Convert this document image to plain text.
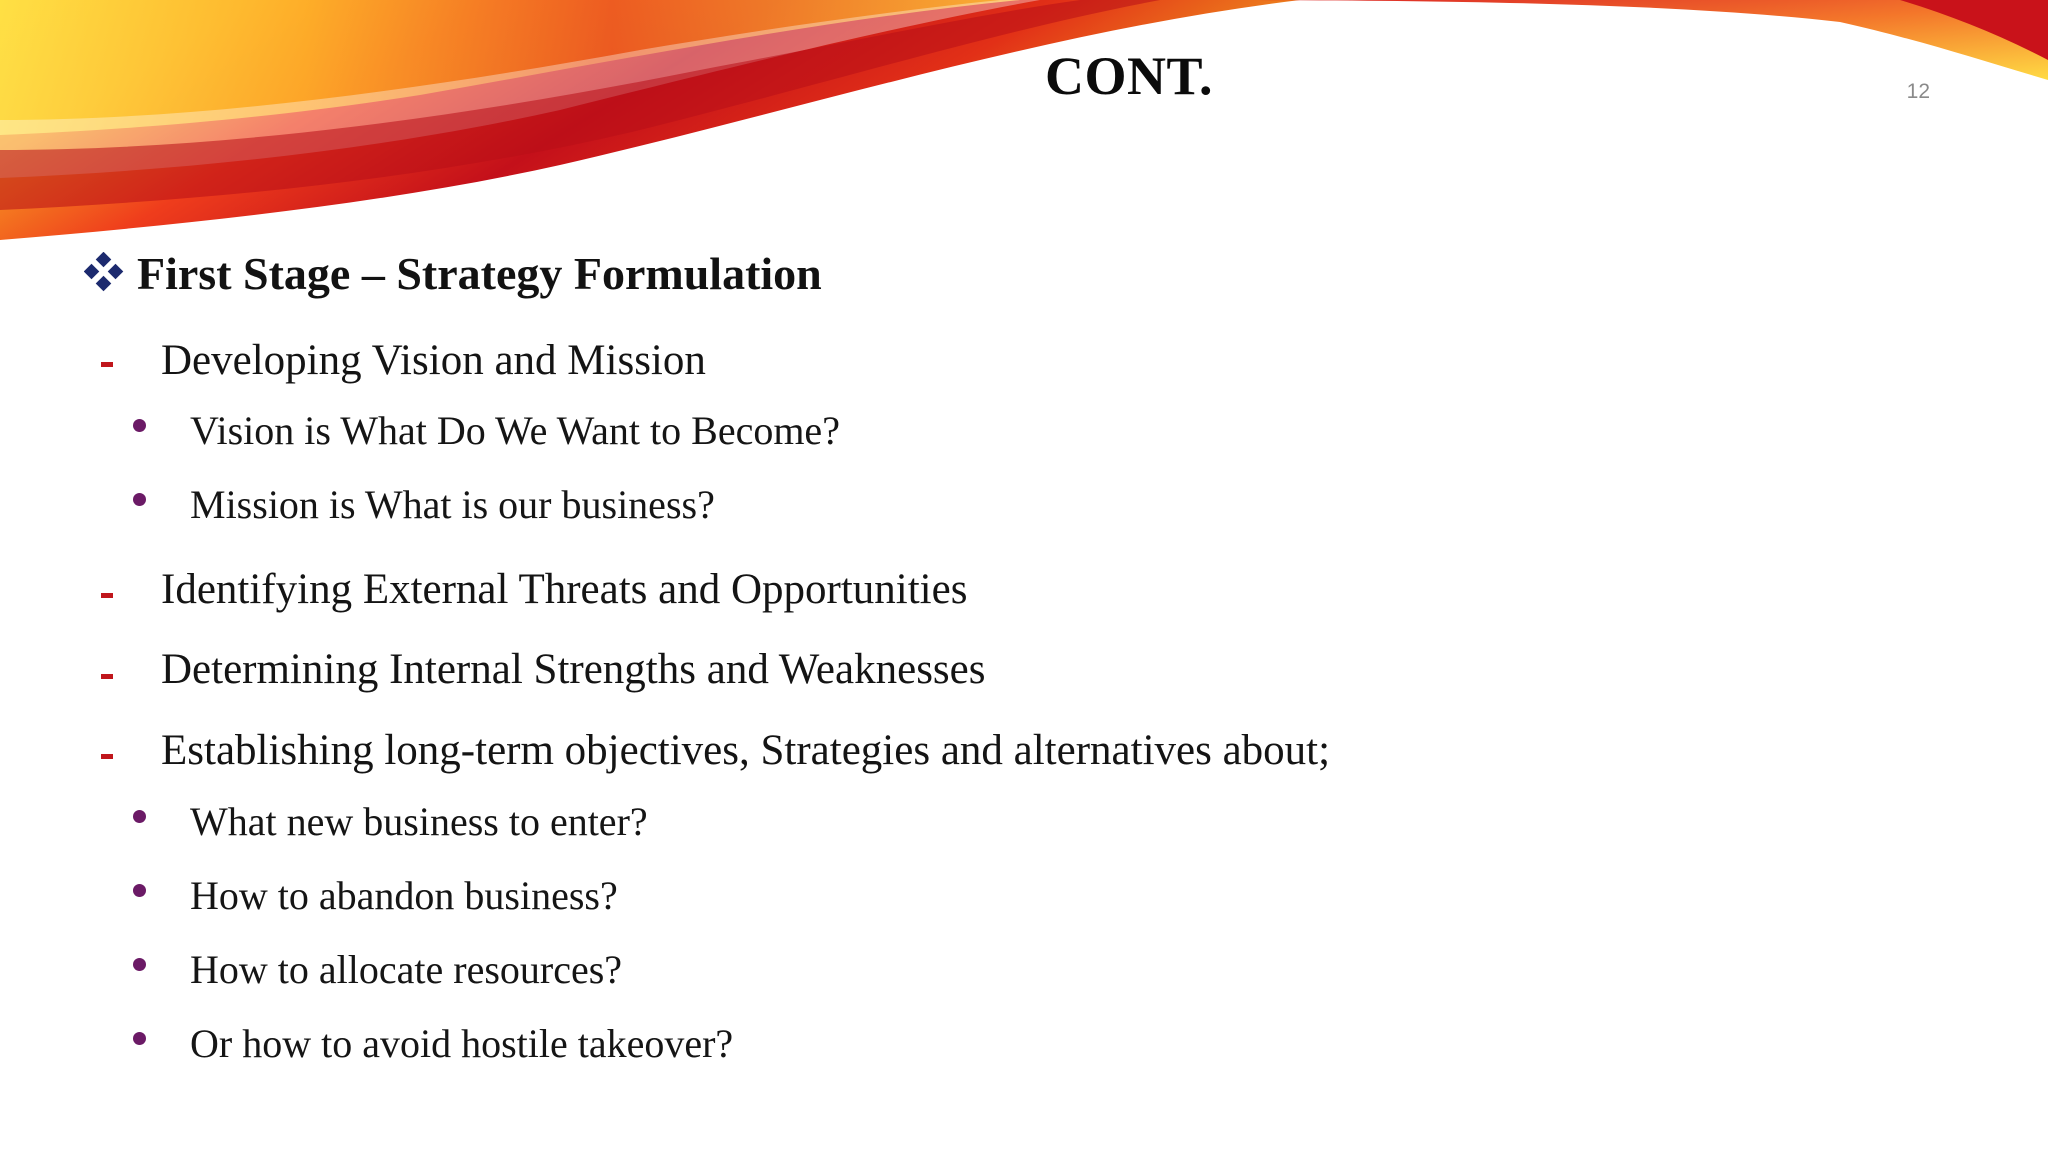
CONT.	12
First Stage – Strategy Formulation
Developing Vision and Mission
Vision is What Do We Want to Become?
Mission is What is our business?
Identifying External Threats and Opportunities
Determining Internal Strengths and Weaknesses
Establishing long-term objectives, Strategies and alternatives about;
What new business to enter?
How to abandon business?
How to allocate resources?
Or how to avoid hostile takeover?
